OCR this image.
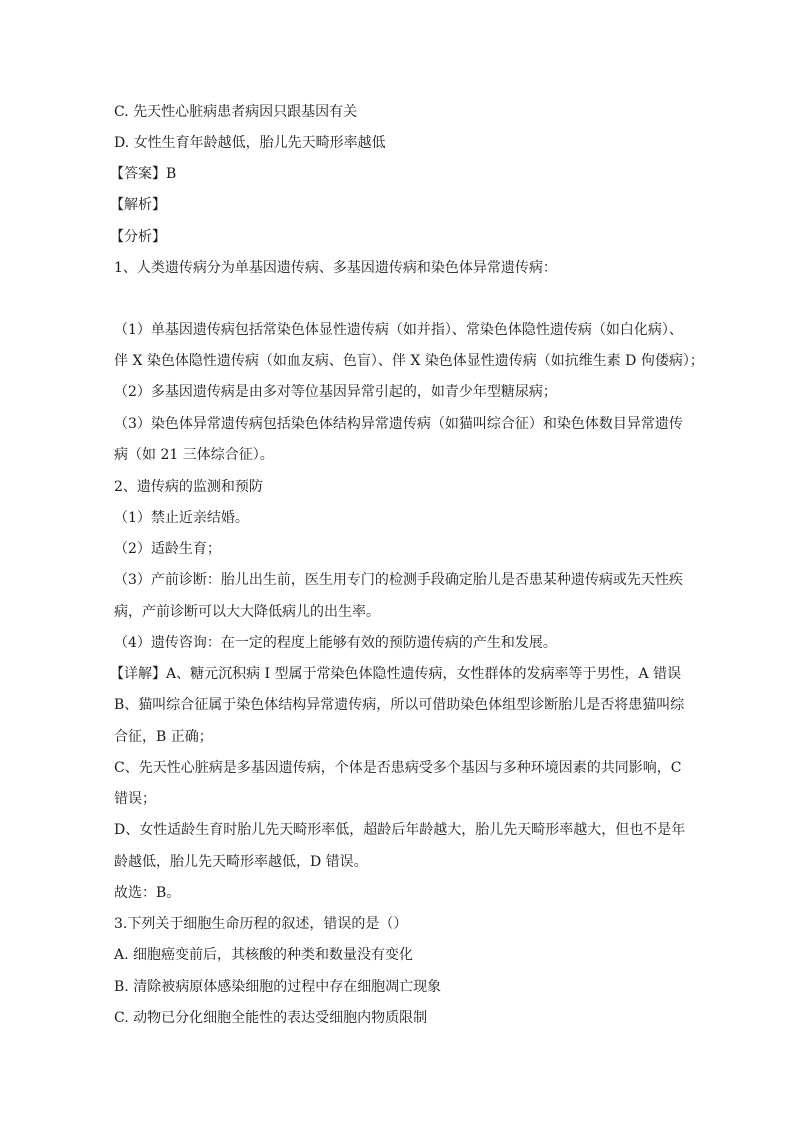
C. 先天性心脏病患者病因只跟基因有关
D. 女性生育年龄越低，胎儿先天畸形率越低
【答案】B
【解析】
【分析】
1、人类遗传病分为单基因遗传病、多基因遗传病和染色体异常遗传病：
（1）单基因遗传病包括常染色体显性遗传病（如并指）、常染色体隐性遗传病（如白化病）、
伴 X 染色体隐性遗传病（如血友病、色盲）、伴 X 染色体显性遗传病（如抗维生素 D 佝偻病）；
（2）多基因遗传病是由多对等位基因异常引起的，如青少年型糖尿病；
（3）染色体异常遗传病包括染色体结构异常遗传病（如猫叫综合征）和染色体数目异常遗传
病（如 21 三体综合征）。
2、遗传病的监测和预防
（1）禁止近亲结婚。
（2）适龄生育；
（3）产前诊断：胎儿出生前，医生用专门的检测手段确定胎儿是否患某种遗传病或先天性疾
病，产前诊断可以大大降低病儿的出生率。
（4）遗传咨询：在一定的程度上能够有效的预防遗传病的产生和发展。
【详解】A、糖元沉积病 I 型属于常染色体隐性遗传病，女性群体的发病率等于男性，A 错误
B、猫叫综合征属于染色体结构异常遗传病，所以可借助染色体组型诊断胎儿是否将患猫叫综
合征，B 正确；
C、先天性心脏病是多基因遗传病，个体是否患病受多个基因与多种环境因素的共同影响，C
错误；
D、女性适龄生育时胎儿先天畸形率低，超龄后年龄越大，胎儿先天畸形率越大，但也不是年
龄越低，胎儿先天畸形率越低，D 错误。
故选：B。
3.下列关于细胞生命历程的叙述，错误的是（）
A. 细胞癌变前后，其核酸的种类和数量没有变化
B. 清除被病原体感染细胞的过程中存在细胞凋亡现象
C. 动物已分化细胞全能性的表达受细胞内物质限制
